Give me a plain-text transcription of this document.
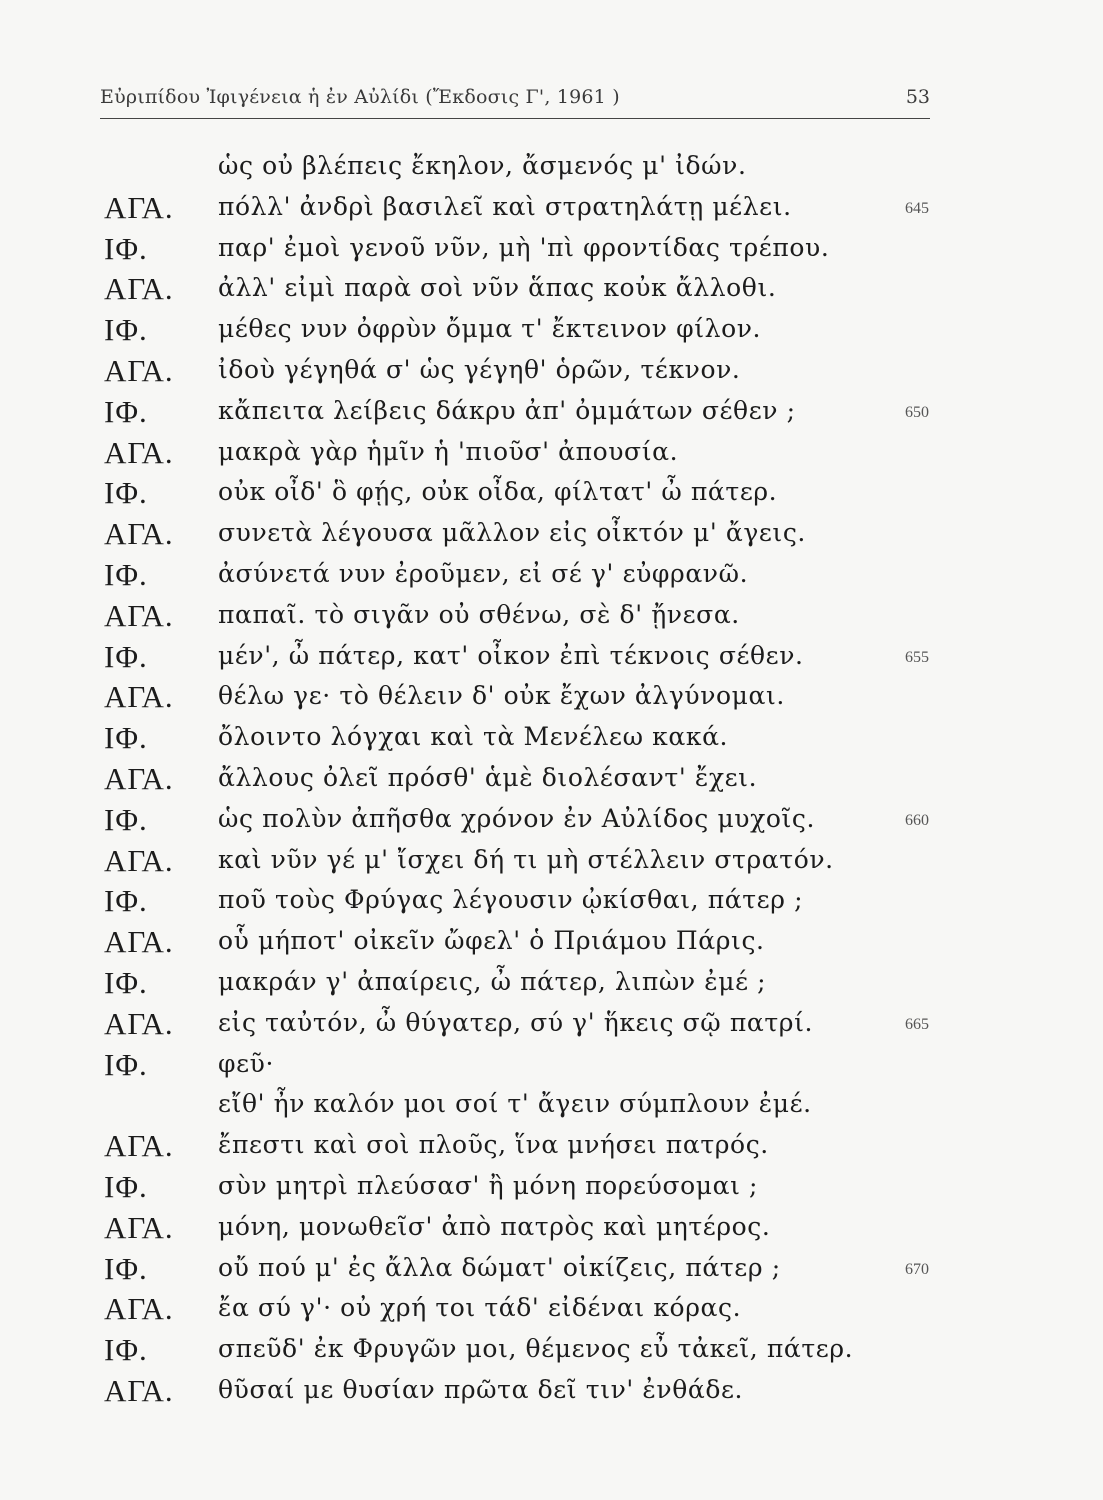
Εὐριπίδου Ἰφιγένεια ἡ ἐν Αὐλίδι (Ἔκδοσις Γ', 1961 )	53
ὡς οὐ βλέπεις ἔκηλον, ἄσμενός μ' ἰδών.
ΑΓΑ. πόλλ' ἀνδρὶ βασιλεῖ καὶ στρατηλάτῃ μέλει.	645
ΙΦ.	παρ' ἐμοὶ γενοῦ νῦν, μὴ 'πὶ φροντίδας τρέπου.
ΑΓΑ. ἀλλ' εἰμὶ παρὰ σοὶ νῦν ἅπας κοὐκ ἄλλοθι.
ΙΦ.	μέθες νυν ὀφρὺν ὄμμα τ' ἔκτεινον φίλον.
ΑΓΑ. ἰδοὺ γέγηθά σ' ὡς γέγηθ' ὁρῶν, τέκνον.
ΙΦ.	κἄπειτα λείβεις δάκρυ ἀπ' ὀμμάτων σέθεν ;	650
ΑΓΑ. μακρὰ γὰρ ἡμῖν ἡ 'πιοῦσ' ἀπουσία.
ΙΦ.	οὐκ οἶδ' ὃ φῄς, οὐκ οἶδα, φίλτατ' ὦ πάτερ.
ΑΓΑ. συνετὰ λέγουσα μᾶλλον εἰς οἶκτόν μ' ἄγεις.
ΙΦ.	ἀσύνετά νυν ἐροῦμεν, εἰ σέ γ' εὐφρανῶ.
ΑΓΑ. παπαῖ. τὸ σιγᾶν οὐ σθένω, σὲ δ' ᾔνεσα.
ΙΦ.	μέν', ὦ πάτερ, κατ' οἶκον ἐπὶ τέκνοις σέθεν.	655
ΑΓΑ. θέλω γε· τὸ θέλειν δ' οὐκ ἔχων ἀλγύνομαι.
ΙΦ.	ὄλοιντο λόγχαι καὶ τὰ Μενέλεω κακά.
ΑΓΑ. ἄλλους ὀλεῖ πρόσθ' ἁμὲ διολέσαντ' ἔχει.
ΙΦ.	ὡς πολὺν ἀπῆσθα χρόνον ἐν Αὐλίδος μυχοῖς.	660
ΑΓΑ. καὶ νῦν γέ μ' ἴσχει δή τι μὴ στέλλειν στρατόν.
ΙΦ.	ποῦ τοὺς Φρύγας λέγουσιν ᾠκίσθαι, πάτερ ;
ΑΓΑ. οὗ μήποτ' οἰκεῖν ὤφελ' ὁ Πριάμου Πάρις.
ΙΦ.	μακράν γ' ἀπαίρεις, ὦ πάτερ, λιπὼν ἐμέ ;
ΑΓΑ. εἰς ταὐτόν, ὦ θύγατερ, σύ γ' ἥκεις σῷ πατρί.	665
ΙΦ.	φεῦ·
εἴθ' ἦν καλόν μοι σοί τ' ἄγειν σύμπλουν ἐμέ.
ΑΓΑ. ἔπεστι καὶ σοὶ πλοῦς, ἵνα μνήσει πατρός.
ΙΦ.	σὺν μητρὶ πλεύσασ' ἢ μόνη πορεύσομαι ;
ΑΓΑ. μόνη, μονωθεῖσ' ἀπὸ πατρὸς καὶ μητέρος.
ΙΦ.	οὔ πού μ' ἐς ἄλλα δώματ' οἰκίζεις, πάτερ ;	670
ΑΓΑ. ἔα σύ γ'· οὐ χρή τοι τάδ' εἰδέναι κόρας.
ΙΦ.	σπεῦδ' ἐκ Φρυγῶν μοι, θέμενος εὖ τἀκεῖ, πάτερ.
ΑΓΑ. θῦσαί με θυσίαν πρῶτα δεῖ τιν' ἐνθάδε.
